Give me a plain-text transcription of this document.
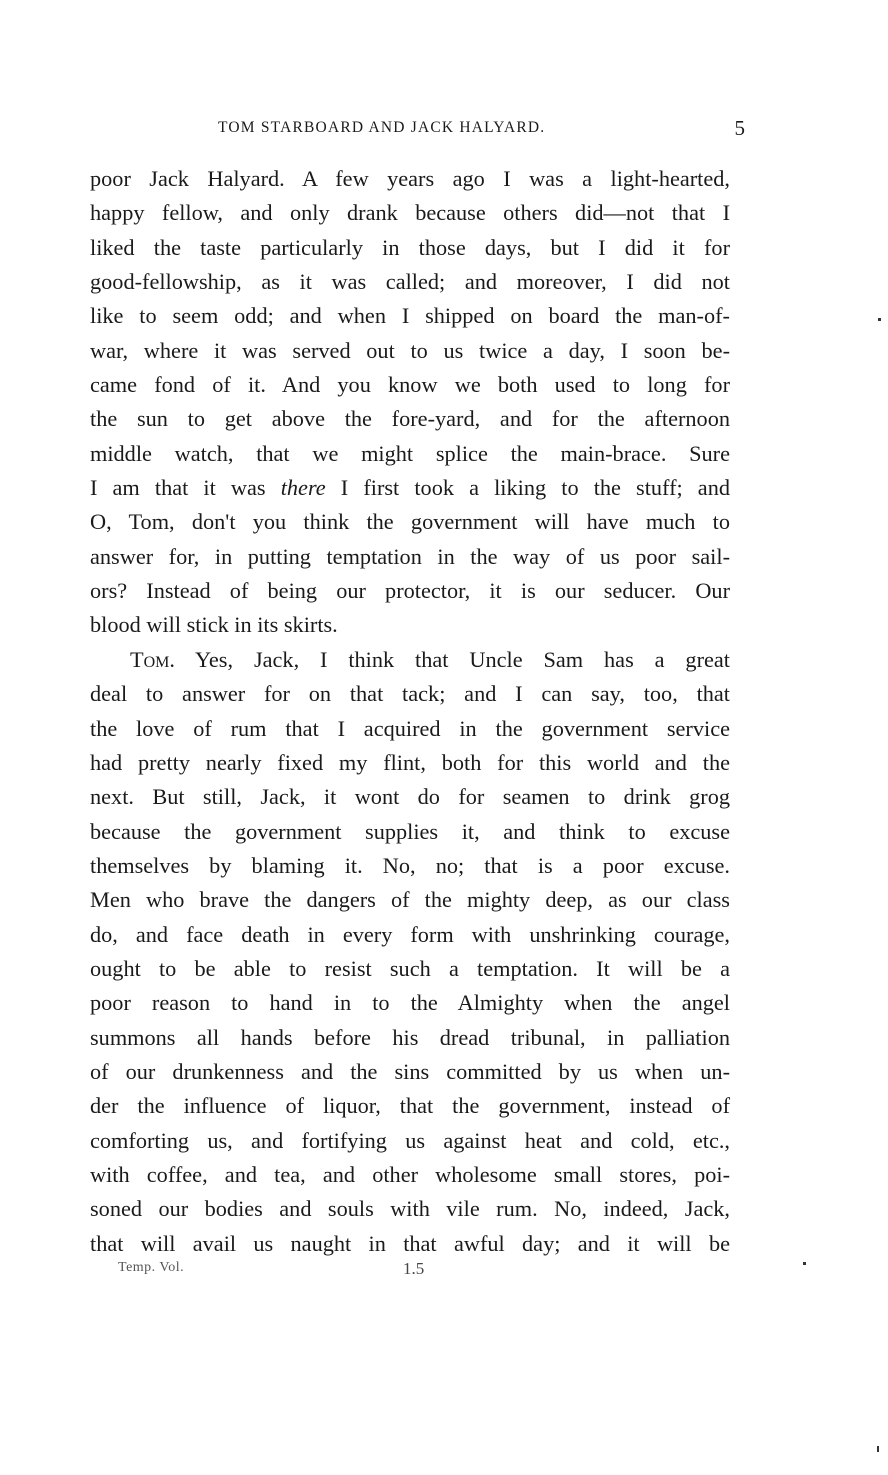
TOM STARBOARD AND JACK HALYARD.	5
poor Jack Halyard. A few years ago I was a light-hearted,
happy fellow, and only drank because others did—not that I
liked the taste particularly in those days, but I did it for
good-fellowship, as it was called; and moreover, I did not
like to seem odd; and when I shipped on board the man-of-
war, where it was served out to us twice a day, I soon be-
came fond of it. And you know we both used to long for
the sun to get above the fore-yard, and for the afternoon
middle watch, that we might splice the main-brace. Sure
I am that it was there I first took a liking to the stuff; and
O, Tom, don't you think the government will have much to
answer for, in putting temptation in the way of us poor sail-
ors? Instead of being our protector, it is our seducer. Our
blood will stick in its skirts.
Tom. Yes, Jack, I think that Uncle Sam has a great
deal to answer for on that tack; and I can say, too, that
the love of rum that I acquired in the government service
had pretty nearly fixed my flint, both for this world and the
next. But still, Jack, it wont do for seamen to drink grog
because the government supplies it, and think to excuse
themselves by blaming it. No, no; that is a poor excuse.
Men who brave the dangers of the mighty deep, as our class
do, and face death in every form with unshrinking courage,
ought to be able to resist such a temptation. It will be a
poor reason to hand in to the Almighty when the angel
summons all hands before his dread tribunal, in palliation
of our drunkenness and the sins committed by us when un-
der the influence of liquor, that the government, instead of
comforting us, and fortifying us against heat and cold, etc.,
with coffee, and tea, and other wholesome small stores, poi-
soned our bodies and souls with vile rum. No, indeed, Jack,
that will avail us naught in that awful day; and it will be
Temp. Vol.	1.5
